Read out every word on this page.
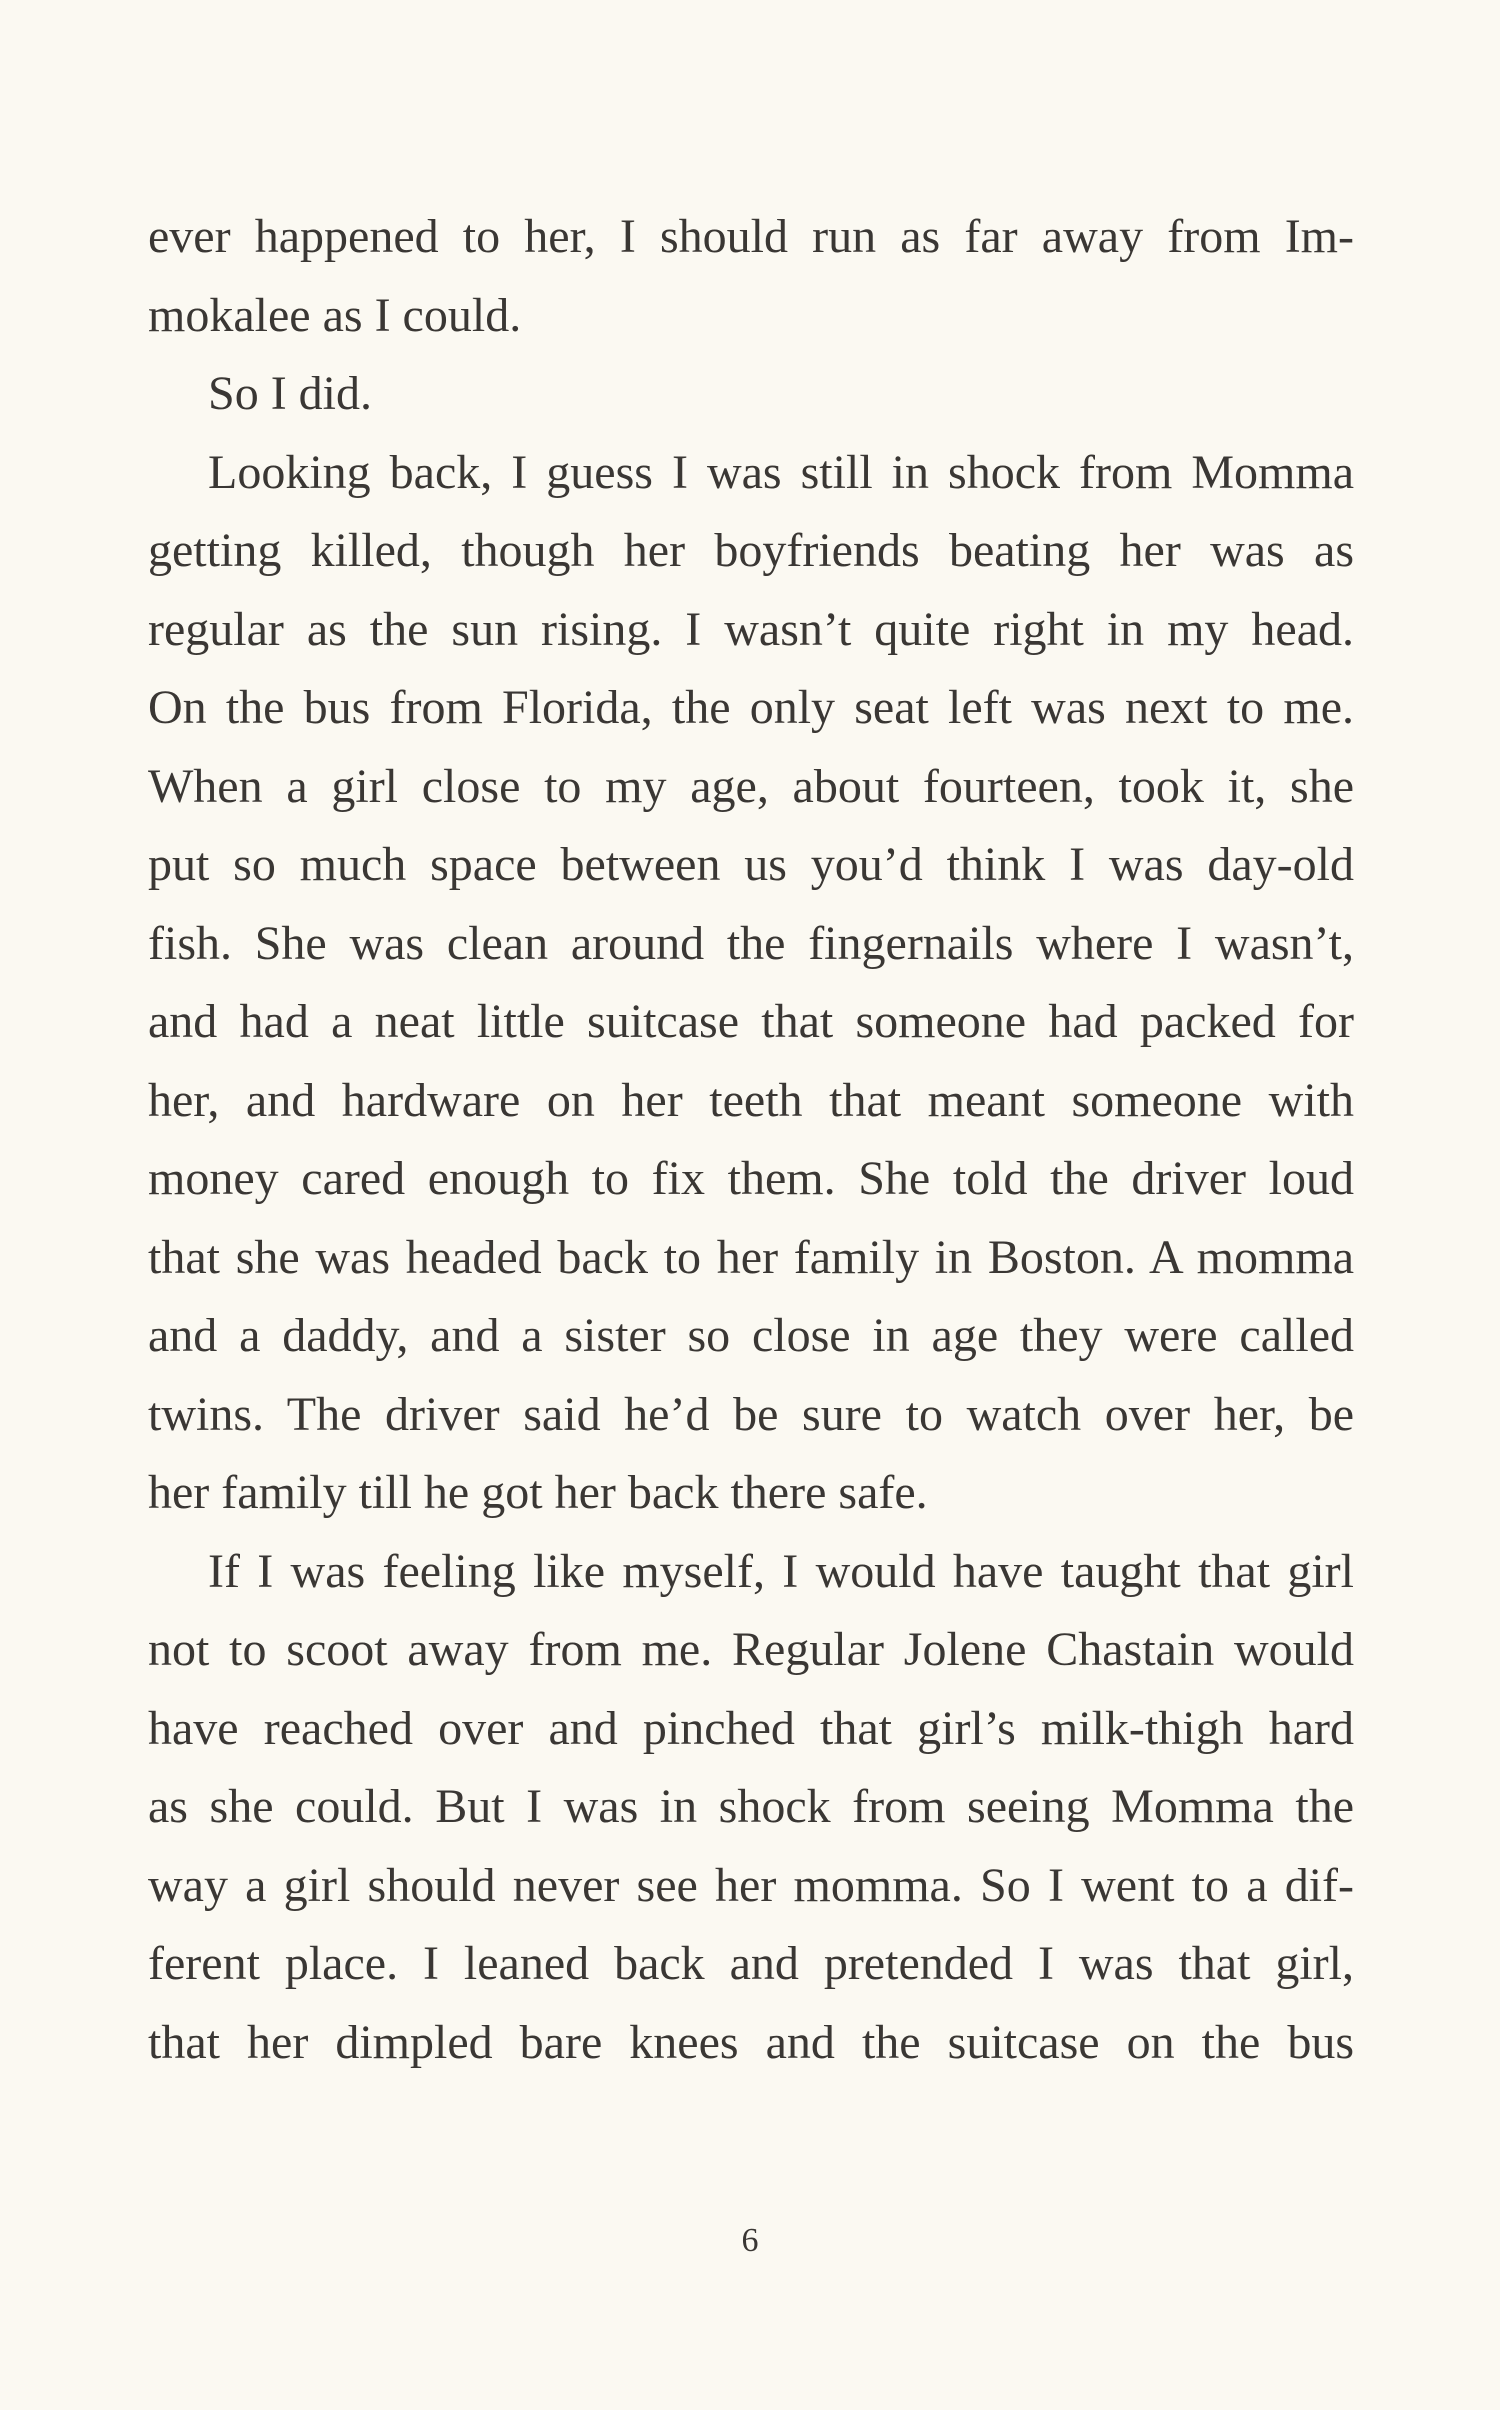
ever happened to her, I should run as far away from Im-
mokalee as I could.
So I did.
Looking back, I guess I was still in shock from Momma
getting killed, though her boyfriends beating her was as
regular as the sun rising. I wasn’t quite right in my head.
On the bus from Florida, the only seat left was next to me.
When a girl close to my age, about fourteen, took it, she
put so much space between us you’d think I was day-old
fish. She was clean around the fingernails where I wasn’t,
and had a neat little suitcase that someone had packed for
her, and hardware on her teeth that meant someone with
money cared enough to fix them. She told the driver loud
that she was headed back to her family in Boston. A momma
and a daddy, and a sister so close in age they were called
twins. The driver said he’d be sure to watch over her, be
her family till he got her back there safe.
If I was feeling like myself, I would have taught that girl
not to scoot away from me. Regular Jolene Chastain would
have reached over and pinched that girl’s milk-thigh hard
as she could. But I was in shock from seeing Momma the
way a girl should never see her momma. So I went to a dif-
ferent place. I leaned back and pretended I was that girl,
that her dimpled bare knees and the suitcase on the bus
6
